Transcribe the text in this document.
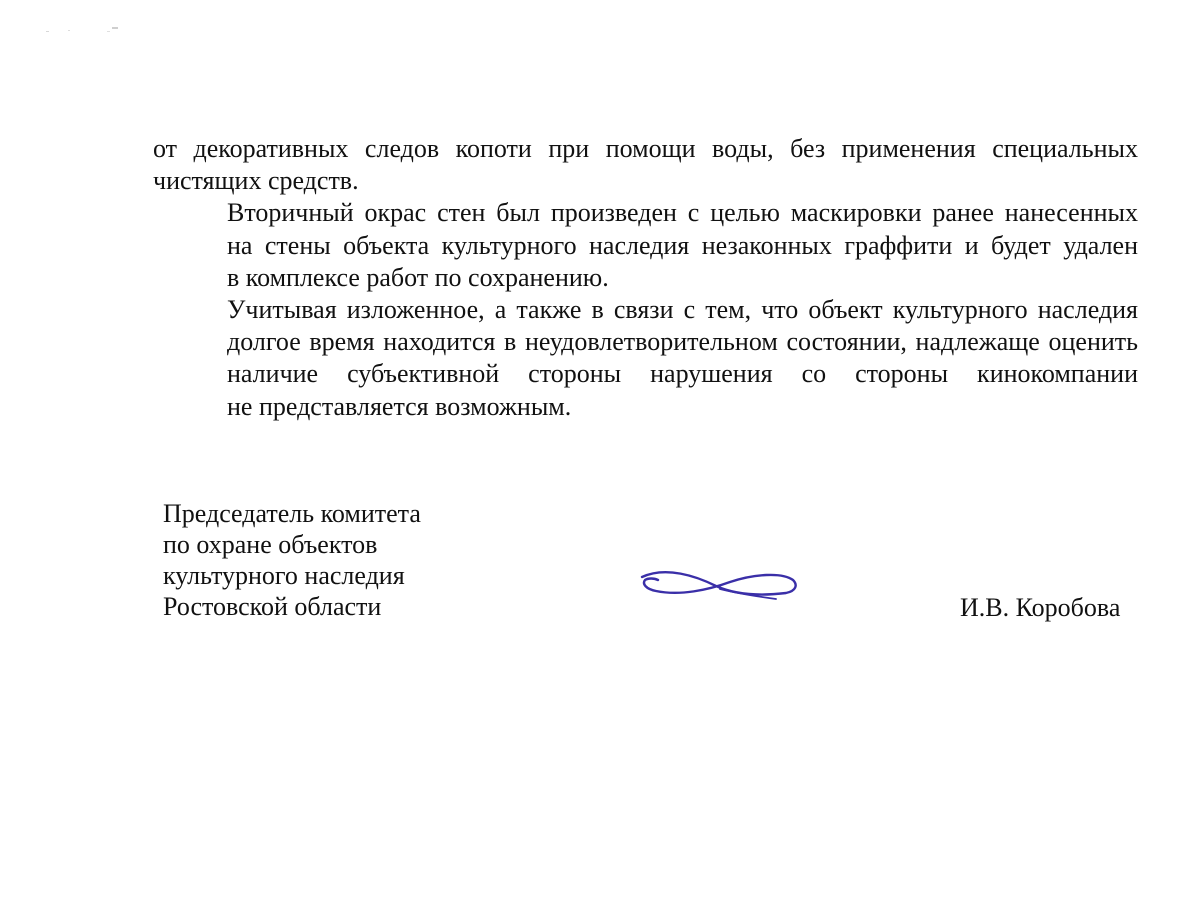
от декоративных следов копоти при помощи воды, без применения специальных
чистящих средств.

Вторичный окрас стен был произведен с целью маскировки ранее нанесенных
на стены объекта культурного наследия незаконных граффити и будет удален
в комплексе работ по сохранению.

Учитывая изложенное, а также в связи с тем, что объект культурного наследия
долгое время находится в неудовлетворительном состоянии, надлежаще оценить
наличие субъективной стороны нарушения со стороны кинокомпании
не представляется возможным.

Председатель комитета
по охране объектов
культурного наследия
Ростовской области	И.В. Коробова
